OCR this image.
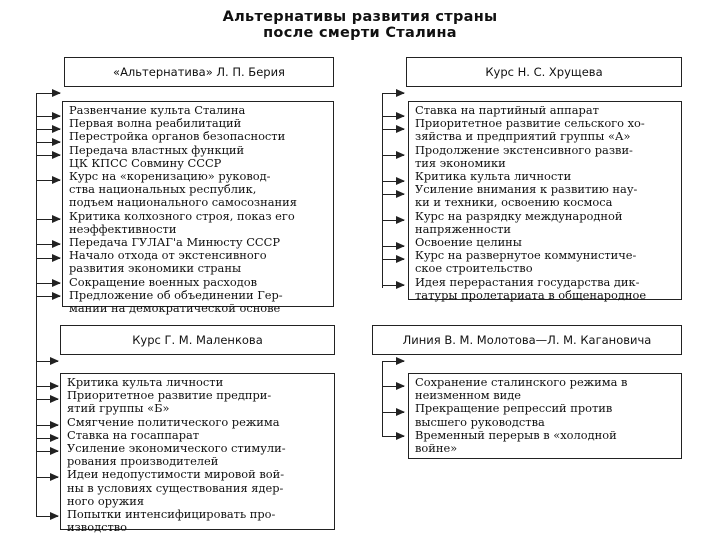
Альтернативы развития страны
после смерти Сталина
«Альтернатива» Л. П. Берия
Развенчание культа Сталина
Первая волна реабилитаций
Перестройка органов безопасности
Передача властных функций
ЦК КПСС Совмину СССР
Курс на «коренизацию» руковод-
ства национальных республик,
подъем национального самосознания
Критика колхозного строя, показ его
неэффективности
Передача ГУЛАГ'а Минюсту СССР
Начало отхода от экстенсивного
развития экономики страны
Сокращение военных расходов
Предложение об объединении Гер-
мании на демократической основе
Курс Н. С. Хрущева
Ставка на партийный аппарат
Приоритетное развитие сельского хо-
зяйства и предприятий группы «А»
Продолжение экстенсивного разви-
тия экономики
Критика культа личности
Усиление внимания к развитию нау-
ки и техники, освоению космоса
Курс на разрядку международной
напряженности
Освоение целины
Курс на развернутое коммунистиче-
ское строительство
Идея перерастания государства дик-
татуры пролетариата в общенародное
Курс Г. М. Маленкова
Критика культа личности
Приоритетное развитие предпри-
ятий группы «Б»
Смягчение политического режима
Ставка на госаппарат
Усиление экономического стимули-
рования производителей
Идеи недопустимости мировой вой-
ны в условиях существования ядер-
ного оружия
Попытки интенсифицировать про-
изводство
Линия В. М. Молотова—Л. М. Кагановича
Сохранение сталинского режима в
неизменном виде
Прекращение репрессий против
высшего руководства
Временный перерыв в «холодной
войне»
